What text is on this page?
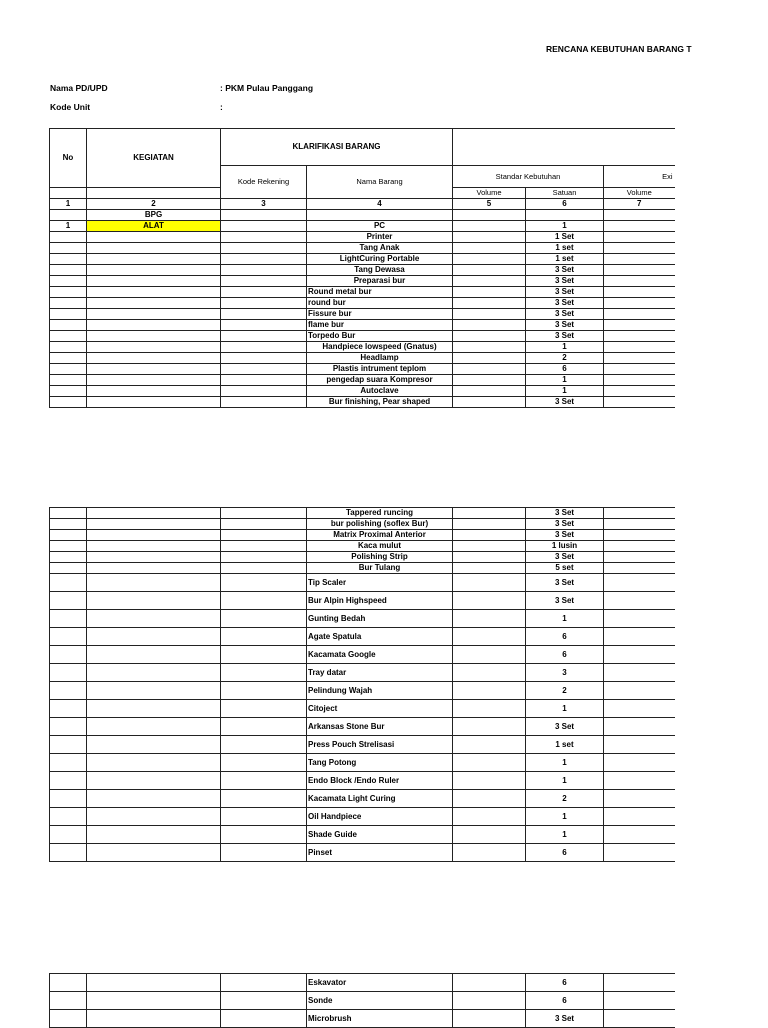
RENCANA KEBUTUHAN BARANG T
Nama PD/UPD	: PKM Pulau Panggang
Kode Unit	:
No	KEGIATAN	KLARIFIKASI BARANG				
		Kode Rekening	Nama Barang	Standar Kebutuhan		Exi
				Volume	Satuan	Volume
1	2	3	4	5	6	7
	BPG					
1	ALAT		PC		1	
			Printer		1 Set	
			Tang Anak		1 set	
			LightCuring Portable		1 set	
			Tang Dewasa		3 Set	
			Preparasi bur		3 Set	
			Round metal bur		3 Set	
			round bur		3 Set	
			Fissure bur		3 Set	
			flame bur		3 Set	
			Torpedo Bur		3 Set	
			Handpiece lowspeed (Gnatus)		1	
			Headlamp		2	
			Plastis intrument teplom		6	
			pengedap suara Kompresor		1	
			Autoclave		1	
			Bur finishing, Pear shaped		3 Set	
			Tappered runcing		3 Set	
			bur polishing (soflex Bur)		3 Set	
			Matrix Proximal Anterior		3 Set	
			Kaca mulut		1 lusin	
			Polishing Strip		3 Set	
			Bur Tulang		5 set	
			Tip Scaler		3 Set	
			Bur Alpin Highspeed		3 Set	
			Gunting Bedah		1	
			Agate Spatula		6	
			Kacamata Google		6	
			Tray datar		3	
			Pelindung Wajah		2	
			Citoject		1	
			Arkansas Stone Bur		3 Set	
			Press Pouch Strelisasi		1 set	
			Tang Potong		1	
			Endo Block /Endo Ruler		1	
			Kacamata Light Curing		2	
			Oil Handpiece		1	
			Shade Guide		1	
			Pinset		6	
			Eskavator		6	
			Sonde		6	
			Microbrush		3 Set	
